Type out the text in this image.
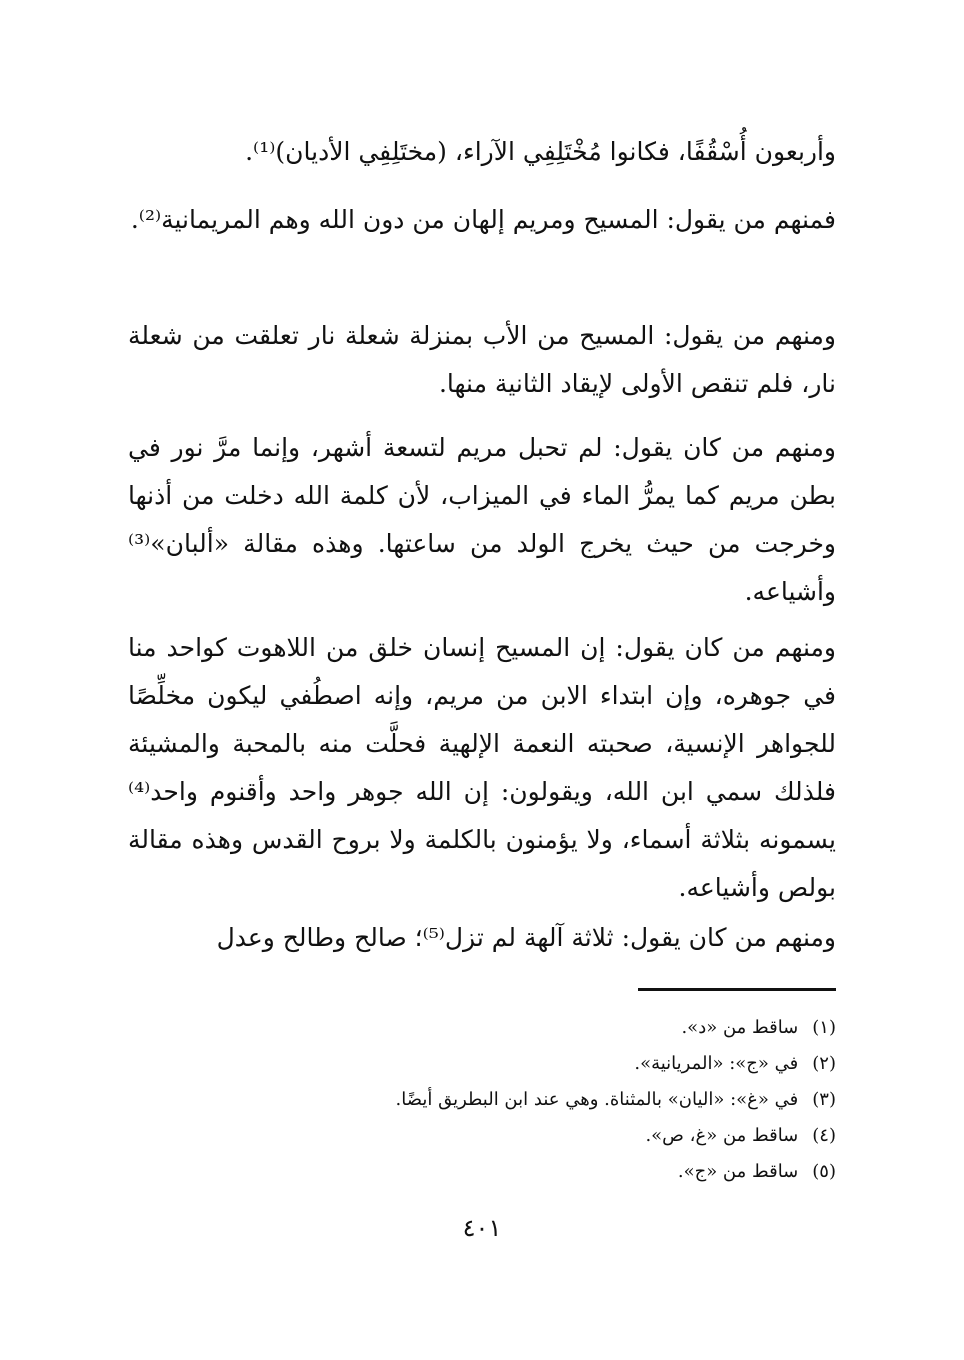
وأربعون أُسْقُفًا، فكانوا مُخْتَلِفِي الآراء، (مختَلِفِي الأديان)⁽¹⁾.

فمنهم من يقول: المسيح ومريم إلهان من دون الله وهم المريمانية⁽²⁾.

ومنهم من يقول: المسيح من الأب بمنزلة شعلة نار تعلقت من شعلة نار، فلم تنقص الأولى لإيقاد الثانية منها.

ومنهم من كان يقول: لم تحبل مريم لتسعة أشهر، وإنما مرَّ نور في بطن مريم كما يمرُّ الماء في الميزاب، لأن كلمة الله دخلت من أذنها وخرجت من حيث يخرج الولد من ساعتها. وهذه مقالة «ألبان»⁽³⁾ وأشياعه.

ومنهم من كان يقول: إن المسيح إنسان خلق من اللاهوت كواحد منا في جوهره، وإن ابتداء الابن من مريم، وإنه اصطُفي ليكون مخلِّصًا للجواهر الإنسية، صحبته النعمة الإلهية فحلَّت منه بالمحبة والمشيئة فلذلك سمي ابن الله، ويقولون: إن الله جوهر واحد وأقنوم واحد⁽⁴⁾ يسمونه بثلاثة أسماء، ولا يؤمنون بالكلمة ولا بروح القدس وهذه مقالة بولص وأشياعه.

ومنهم من كان يقول: ثلاثة آلهة لم تزل⁽⁵⁾؛ صالح وطالح وعدل

(١)ساقط من «د».
(٢)في «ج»: «المريانية».
(٣)في «غ»: «اليان» بالمثناة. وهي عند ابن البطريق أيضًا.
(٤)ساقط من «غ، ص».
(٥)ساقط من «ج».
٤٠١
